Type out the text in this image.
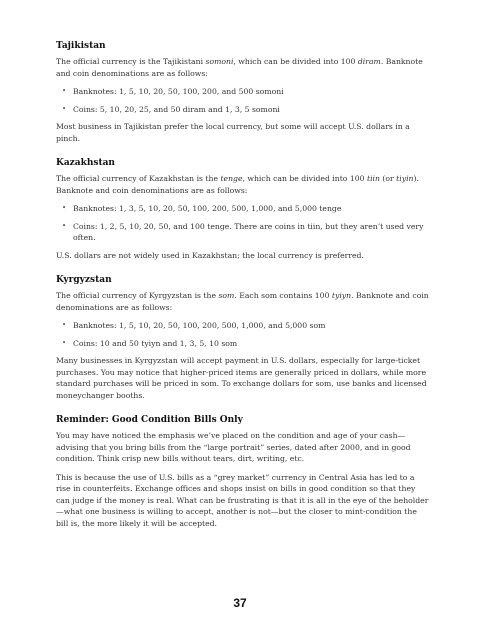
Tajikistan

The official currency is the Tajikistani somoni, which can be divided into 100 diram. Banknote and coin denominations are as follows:

• Banknotes: 1, 5, 10, 20, 50, 100, 200, and 500 somoni
• Coins: 5, 10, 20, 25, and 50 diram and 1, 3, 5 somoni

Most business in Tajikistan prefer the local currency, but some will accept U.S. dollars in a pinch.

Kazakhstan

The official currency of Kazakhstan is the tenge, which can be divided into 100 tiin (or tiyin). Banknote and coin denominations are as follows:

• Banknotes: 1, 3, 5, 10, 20, 50, 100, 200, 500, 1,000, and 5,000 tenge
• Coins: 1, 2, 5, 10, 20, 50, and 100 tenge. There are coins in tiin, but they aren’t used very often.

U.S. dollars are not widely used in Kazakhstan; the local currency is preferred.

Kyrgyzstan

The official currency of Kyrgyzstan is the som. Each som contains 100 tyiyn. Banknote and coin denominations are as follows:

• Banknotes: 1, 5, 10, 20, 50, 100, 200, 500, 1,000, and 5,000 som
• Coins: 10 and 50 tyiyn and 1, 3, 5, 10 som

Many businesses in Kyrgyzstan will accept payment in U.S. dollars, especially for large-ticket purchases. You may notice that higher-priced items are generally priced in dollars, while more standard purchases will be priced in som. To exchange dollars for som, use banks and licensed moneychanger booths.

Reminder: Good Condition Bills Only

You may have noticed the emphasis we’ve placed on the condition and age of your cash—advising that you bring bills from the “large portrait” series, dated after 2000, and in good condition. Think crisp new bills without tears, dirt, writing, etc.

This is because the use of U.S. bills as a “grey market” currency in Central Asia has led to a rise in counterfeits. Exchange offices and shops insist on bills in good condition so that they can judge if the money is real. What can be frustrating is that it is all in the eye of the beholder—what one business is willing to accept, another is not—but the closer to mint-condition the bill is, the more likely it will be accepted.

37
